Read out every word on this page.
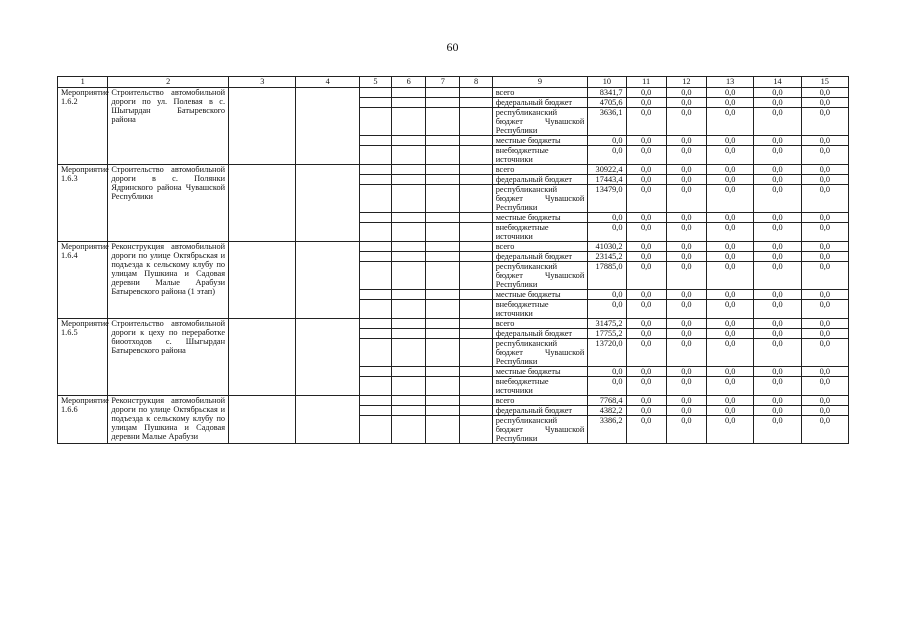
60
1	2	3	4	5	6	7	8	9	10	11	12	13	14	15
Мероприятие 1.6.2	Строительство автомобильной дороги по ул. Полевая в с. Шыгырдан Батыревского района							всего	8341,7	0,0	0,0	0,0	0,0	0,0
								федеральный бюджет	4705,6	0,0	0,0	0,0	0,0	0,0
								республиканский бюджет Чувашской Республики	3636,1	0,0	0,0	0,0	0,0	0,0
								местные бюджеты	0,0	0,0	0,0	0,0	0,0	0,0
								внебюджетные источники	0,0	0,0	0,0	0,0	0,0	0,0
Мероприятие 1.6.3	Строительство автомобильной дороги в с. Полянки Ядринского района Чувашской Республики							всего	30922,4	0,0	0,0	0,0	0,0	0,0
								федеральный бюджет	17443,4	0,0	0,0	0,0	0,0	0,0
								республиканский бюджет Чувашской Республики	13479,0	0,0	0,0	0,0	0,0	0,0
								местные бюджеты	0,0	0,0	0,0	0,0	0,0	0,0
								внебюджетные источники	0,0	0,0	0,0	0,0	0,0	0,0
Мероприятие 1.6.4	Реконструкция автомобильной дороги по улице Октябрьская и подъезда к сельскому клубу по улицам Пушкина и Садовая деревни Малые Арабузи Батыревского района (1 этап)							всего	41030,2	0,0	0,0	0,0	0,0	0,0
								федеральный бюджет	23145,2	0,0	0,0	0,0	0,0	0,0
								республиканский бюджет Чувашской Республики	17885,0	0,0	0,0	0,0	0,0	0,0
								местные бюджеты	0,0	0,0	0,0	0,0	0,0	0,0
								внебюджетные источники	0,0	0,0	0,0	0,0	0,0	0,0
Мероприятие 1.6.5	Строительство автомобильной дороги к цеху по переработке биоотходов с. Шыгырдан Батыревского района							всего	31475,2	0,0	0,0	0,0	0,0	0,0
								федеральный бюджет	17755,2	0,0	0,0	0,0	0,0	0,0
								республиканский бюджет Чувашской Республики	13720,0	0,0	0,0	0,0	0,0	0,0
								местные бюджеты	0,0	0,0	0,0	0,0	0,0	0,0
								внебюджетные источники	0,0	0,0	0,0	0,0	0,0	0,0
Мероприятие 1.6.6	Реконструкция автомобильной дороги по улице Октябрьская и подъезда к сельскому клубу по улицам Пушкина и Садовая деревни Малые Арабузи							всего	7768,4	0,0	0,0	0,0	0,0	0,0
								федеральный бюджет	4382,2	0,0	0,0	0,0	0,0	0,0
								республиканский бюджет Чувашской Республики	3386,2	0,0	0,0	0,0	0,0	0,0
